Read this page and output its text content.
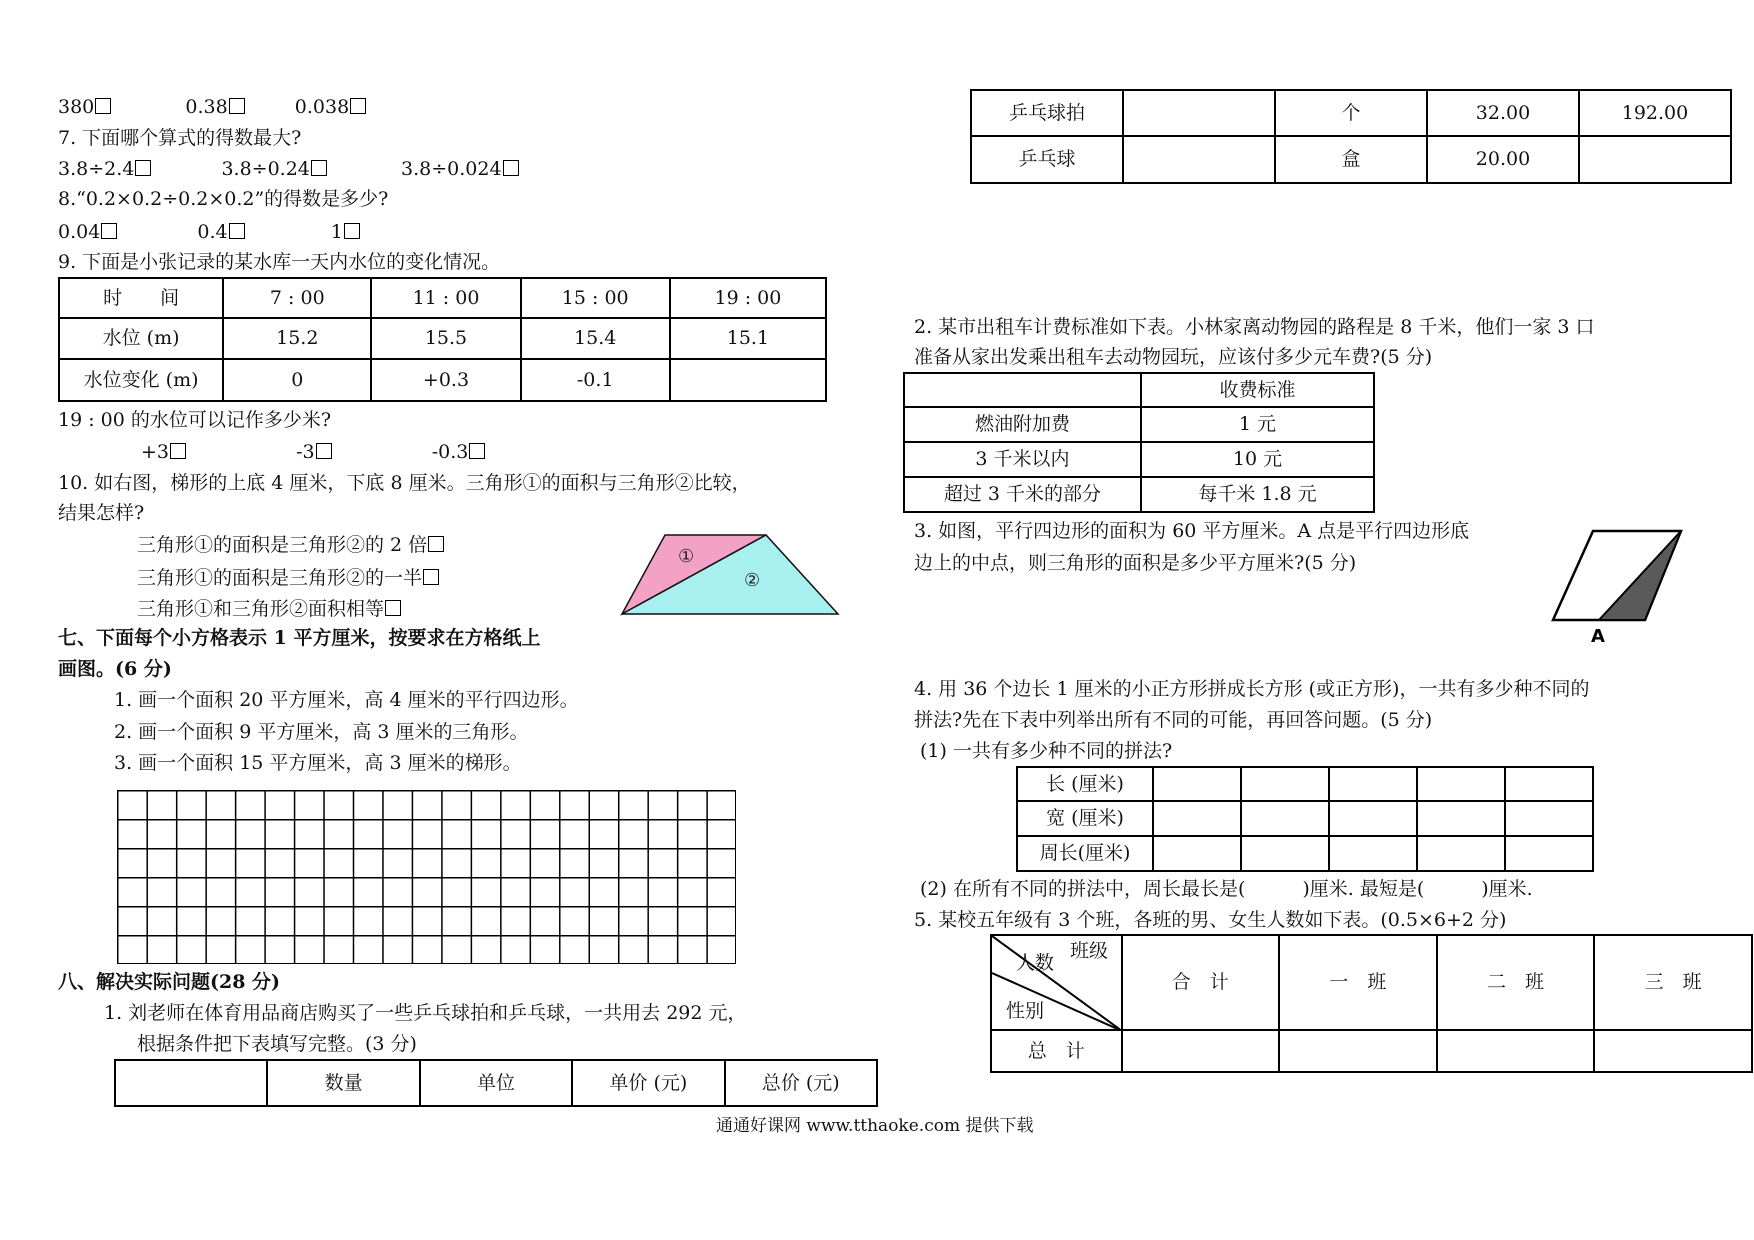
380	0.38	0.038
7. 下面哪个算式的得数最大?
3.8÷2.4	3.8÷0.24	3.8÷0.024
8.“0.2×0.2÷0.2×0.2”的得数是多少?
0.04	0.4	1
9. 下面是小张记录的某水库一天内水位的变化情况。
时　　间	7 : 00	11 : 00	15 : 00	19 : 00
水位 (m)	15.2	15.5	15.4	15.1
水位变化 (m)	0	+0.3	-0.1	
19 : 00 的水位可以记作多少米?
+3	-3	-0.3
10. 如右图，梯形的上底 4 厘米，下底 8 厘米。三角形①的面积与三角形②比较，
结果怎样?
三角形①的面积是三角形②的 2 倍
三角形①的面积是三角形②的一半
三角形①和三角形②面积相等
①
②
七、下面每个小方格表示 1 平方厘米，按要求在方格纸上
画图。(6 分)
1. 画一个面积 20 平方厘米，高 4 厘米的平行四边形。
2. 画一个面积 9 平方厘米，高 3 厘米的三角形。
3. 画一个面积 15 平方厘米，高 3 厘米的梯形。
八、解决实际问题(28 分)
1. 刘老师在体育用品商店购买了一些乒乓球拍和乒乓球，一共用去 292 元，
根据条件把下表填写完整。(3 分)
	数量	单位	单价 (元)	总价 (元)
乒乓球拍		个	32.00	192.00
乒乓球		盒	20.00	
2. 某市出租车计费标准如下表。小林家离动物园的路程是 8 千米，他们一家 3 口
准备从家出发乘出租车去动物园玩，应该付多少元车费?(5 分)
	收费标准
燃油附加费	1 元
3 千米以内	10 元
超过 3 千米的部分	每千米 1.8 元
3. 如图，平行四边形的面积为 60 平方厘米。A 点是平行四边形底
边上的中点，则三角形的面积是多少平方厘米?(5 分)
A
4. 用 36 个边长 1 厘米的小正方形拼成长方形 (或正方形)，一共有多少种不同的
拼法?先在下表中列举出所有不同的可能，再回答问题。(5 分)
(1) 一共有多少种不同的拼法?
长 (厘米)					
宽 (厘米)					
周长(厘米)					
(2) 在所有不同的拼法中，周长最长是(　　　)厘米. 最短是(　　　)厘米.
5. 某校五年级有 3 个班，各班的男、女生人数如下表。(0.5×6+2 分)
班级
人数
性别	合　计	一　班	二　班	三　班
总　计				
通通好课网 www.tthaoke.com 提供下载
